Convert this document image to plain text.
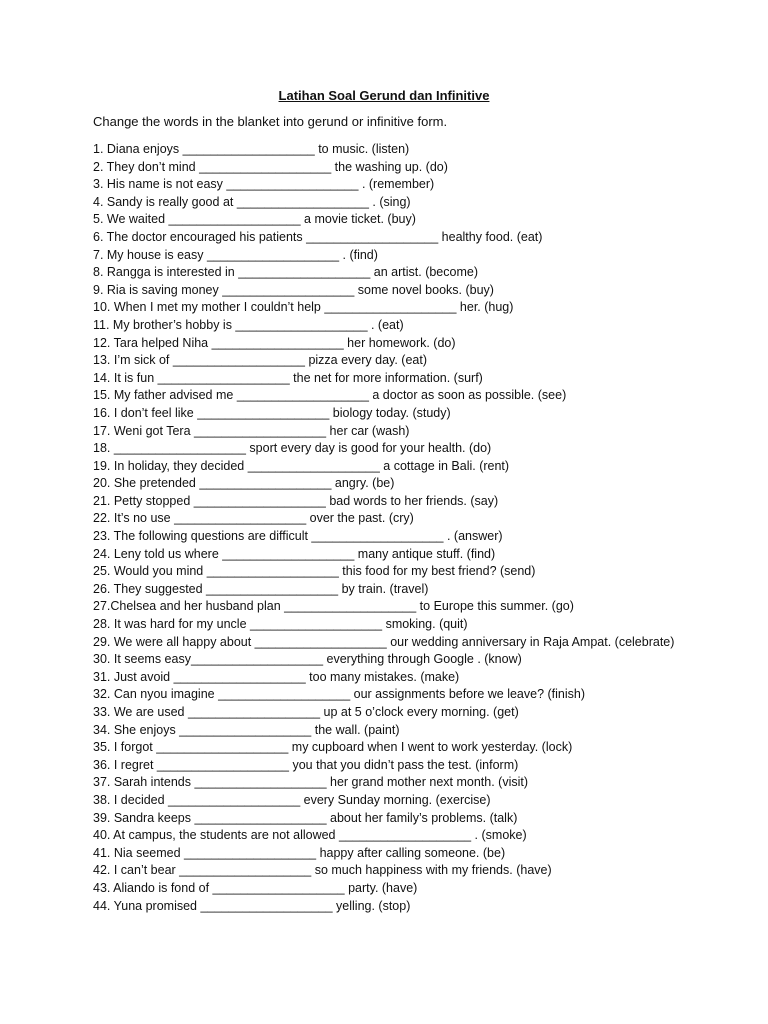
Latihan Soal Gerund dan Infinitive
Change the words in the blanket into gerund or infinitive form.
1. Diana enjoys ___________________ to music. (listen)
2. They don’t mind ___________________ the washing up. (do)
3. His name is not easy ___________________ . (remember)
4. Sandy is really good at ___________________ . (sing)
5. We waited ___________________ a movie ticket. (buy)
6. The doctor encouraged his patients ___________________ healthy food. (eat)
7. My house is easy ___________________ . (find)
8. Rangga is interested in ___________________ an artist. (become)
9. Ria is saving money ___________________ some novel books. (buy)
10. When I met my mother I couldn’t help ___________________ her. (hug)
11. My brother’s hobby is ___________________ . (eat)
12. Tara helped Niha ___________________ her homework. (do)
13. I’m sick of ___________________ pizza every day. (eat)
14. It is fun ___________________ the net for more information. (surf)
15. My father advised me ___________________ a doctor as soon as possible. (see)
16. I don’t feel like ___________________ biology today. (study)
17. Weni got Tera ___________________ her car (wash)
18. ___________________ sport every day is good for your health. (do)
19. In holiday, they decided ___________________ a cottage in Bali. (rent)
20. She pretended ___________________ angry. (be)
21. Petty stopped ___________________ bad words to her friends. (say)
22. It’s no use ___________________ over the past. (cry)
23. The following questions are difficult ___________________ . (answer)
24. Leny told us where ___________________ many antique stuff. (find)
25. Would you mind ___________________ this food for my best friend? (send)
26. They suggested ___________________ by train. (travel)
27.Chelsea and her husband plan ___________________ to Europe this summer. (go)
28. It was hard for my uncle ___________________ smoking. (quit)
29. We were all happy about ___________________ our wedding anniversary in Raja Ampat. (celebrate)
30. It seems easy___________________ everything through Google . (know)
31. Just avoid ___________________ too many mistakes. (make)
32. Can nyou imagine ___________________ our assignments before we leave? (finish)
33. We are used ___________________ up at 5 o’clock every morning. (get)
34. She enjoys ___________________ the wall. (paint)
35. I forgot ___________________ my cupboard when I went to work yesterday. (lock)
36. I regret ___________________ you that you didn’t pass the test. (inform)
37. Sarah intends ___________________ her grand mother next month. (visit)
38. I decided ___________________ every Sunday morning. (exercise)
39. Sandra keeps ___________________ about her family’s problems. (talk)
40. At campus, the students are not allowed ___________________ . (smoke)
41. Nia seemed ___________________ happy after calling someone. (be)
42. I can’t bear ___________________ so much happiness with my friends. (have)
43. Aliando is fond of ___________________ party. (have)
44. Yuna promised ___________________ yelling. (stop)
